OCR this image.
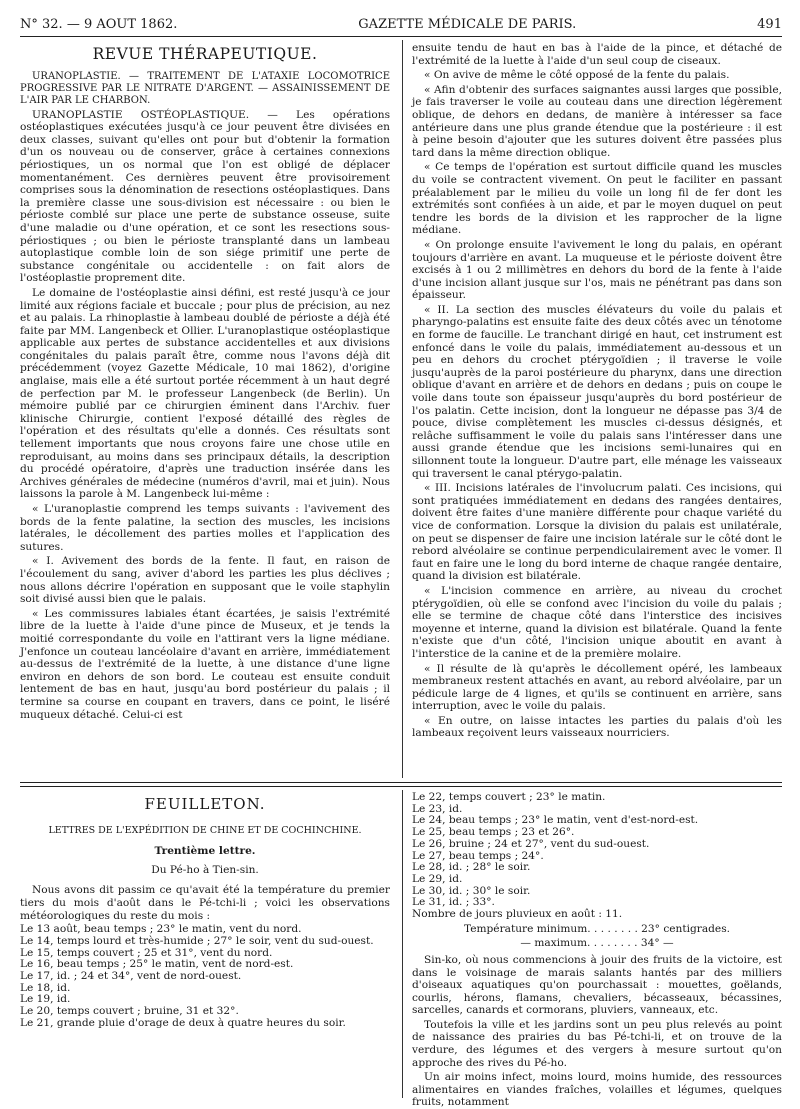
N° 32. — 9 AOUT 1862.	GAZETTE MÉDICALE DE PARIS.	491
REVUE THÉRAPEUTIQUE.

URANOPLASTIE. — TRAITEMENT DE L'ATAXIE LOCOMOTRICE PROGRESSIVE PAR LE NITRATE D'ARGENT. — ASSAINISSEMENT DE L'AIR PAR LE CHARBON.

URANOPLASTIE OSTÉOPLASTIQUE. — Les opérations ostéoplastiques exécutées jusqu'à ce jour peuvent être divisées en deux classes, suivant qu'elles ont pour but d'obtenir la formation d'un os nouveau ou de conserver, grâce à certaines connexions périostiques, un os normal que l'on est obligé de déplacer momentanément. Ces dernières peuvent être provisoirement comprises sous la dénomination de resections ostéoplastiques. Dans la première classe une sous-division est nécessaire : ou bien le périoste comblé sur place une perte de substance osseuse, suite d'une maladie ou d'une opération, et ce sont les resections sous-périostiques ; ou bien le périoste transplanté dans un lambeau autoplastique comble loin de son siége primitif une perte de substance congénitale ou accidentelle : on fait alors de l'ostéoplastie proprement dite.

Le domaine de l'ostéoplastie ainsi défini, est resté jusqu'à ce jour limité aux régions faciale et buccale ; pour plus de précision, au nez et au palais. La rhinoplastie à lambeau doublé de périoste a déjà été faite par MM. Langenbeck et Ollier. L'uranoplastique ostéoplastique applicable aux pertes de substance accidentelles et aux divisions congénitales du palais paraît être, comme nous l'avons déjà dit précédemment (voyez Gazette Médicale, 10 mai 1862), d'origine anglaise, mais elle a été surtout portée récemment à un haut degré de perfection par M. le professeur Langenbeck (de Berlin). Un mémoire publié par ce chirurgien éminent dans l'Archiv. fuer klinische Chirurgie, contient l'exposé détaillé des règles de l'opération et des résultats qu'elle a donnés. Ces résultats sont tellement importants que nous croyons faire une chose utile en reproduisant, au moins dans ses principaux détails, la description du procédé opératoire, d'après une traduction insérée dans les Archives générales de médecine (numéros d'avril, mai et juin). Nous laissons la parole à M. Langenbeck lui-même :

« L'uranoplastie comprend les temps suivants : l'avivement des bords de la fente palatine, la section des muscles, les incisions latérales, le décollement des parties molles et l'application des sutures.

« I. Avivement des bords de la fente. Il faut, en raison de l'écoulement du sang, aviver d'abord les parties les plus déclives ; nous allons décrire l'opération en supposant que le voile staphylin soit divisé aussi bien que le palais.

« Les commissures labiales étant écartées, je saisis l'extrémité libre de la luette à l'aide d'une pince de Museux, et je tends la moitié correspondante du voile en l'attirant vers la ligne médiane. J'enfonce un couteau lancéolaire d'avant en arrière, immédiatement au-dessus de l'extrémité de la luette, à une distance d'une ligne environ en dehors de son bord. Le couteau est ensuite conduit lentement de bas en haut, jusqu'au bord postérieur du palais ; il termine sa course en coupant en travers, dans ce point, le liséré muqueux détaché. Celui-ci est

ensuite tendu de haut en bas à l'aide de la pince, et détaché de l'extrémité de la luette à l'aide d'un seul coup de ciseaux.

« On avive de même le côté opposé de la fente du palais.

« Afin d'obtenir des surfaces saignantes aussi larges que possible, je fais traverser le voile au couteau dans une direction légèrement oblique, de dehors en dedans, de manière à intéresser sa face antérieure dans une plus grande étendue que la postérieure : il est à peine besoin d'ajouter que les sutures doivent être passées plus tard dans la même direction oblique.

« Ce temps de l'opération est surtout difficile quand les muscles du voile se contractent vivement. On peut le faciliter en passant préalablement par le milieu du voile un long fil de fer dont les extrémités sont confiées à un aide, et par le moyen duquel on peut tendre les bords de la division et les rapprocher de la ligne médiane.

« On prolonge ensuite l'avivement le long du palais, en opérant toujours d'arrière en avant. La muqueuse et le périoste doivent être excisés à 1 ou 2 millimètres en dehors du bord de la fente à l'aide d'une incision allant jusque sur l'os, mais ne pénétrant pas dans son épaisseur.

« II. La section des muscles élévateurs du voile du palais et pharyngo-palatins est ensuite faite des deux côtés avec un ténotome en forme de faucille. Le tranchant dirigé en haut, cet instrument est enfoncé dans le voile du palais, immédiatement au-dessous et un peu en dehors du crochet ptérygoïdien ; il traverse le voile jusqu'auprès de la paroi postérieure du pharynx, dans une direction oblique d'avant en arrière et de dehors en dedans ; puis on coupe le voile dans toute son épaisseur jusqu'auprès du bord postérieur de l'os palatin. Cette incision, dont la longueur ne dépasse pas 3/4 de pouce, divise complètement les muscles ci-dessus désignés, et relâche suffisamment le voile du palais sans l'intéresser dans une aussi grande étendue que les incisions semi-lunaires qui en sillonnent toute la longueur. D'autre part, elle ménage les vaisseaux qui traversent le canal ptérygo-palatin.

« III. Incisions latérales de l'involucrum palati. Ces incisions, qui sont pratiquées immédiatement en dedans des rangées dentaires, doivent être faites d'une manière différente pour chaque variété du vice de conformation. Lorsque la division du palais est unilatérale, on peut se dispenser de faire une incision latérale sur le côté dont le rebord alvéolaire se continue perpendiculairement avec le vomer. Il faut en faire une le long du bord interne de chaque rangée dentaire, quand la division est bilatérale.

« L'incision commence en arrière, au niveau du crochet ptérygoïdien, où elle se confond avec l'incision du voile du palais ; elle se termine de chaque côté dans l'interstice des incisives moyenne et interne, quand la division est bilatérale. Quand la fente n'existe que d'un côté, l'incision unique aboutit en avant à l'interstice de la canine et de la première molaire.

« Il résulte de là qu'après le décollement opéré, les lambeaux membraneux restent attachés en avant, au rebord alvéolaire, par un pédicule large de 4 lignes, et qu'ils se continuent en arrière, sans interruption, avec le voile du palais.

« En outre, on laisse intactes les parties du palais d'où les lambeaux reçoivent leurs vaisseaux nourriciers.

FEUILLETON.

LETTRES DE L'EXPÉDITION DE CHINE ET DE COCHINCHINE.

Trentième lettre.

Du Pé-ho à Tien-sin.

Nous avons dit passim ce qu'avait été la température du premier tiers du mois d'août dans le Pé-tchi-li ; voici les observations météorologiques du reste du mois :

Le 13 août, beau temps ; 23° le matin, vent du nord.
Le 14, temps lourd et très-humide ; 27° le soir, vent du sud-ouest.
Le 15, temps couvert ; 25 et 31°, vent du nord.
Le 16, beau temps ; 25° le matin, vent de nord-est.
Le 17, id. ; 24 et 34°, vent de nord-ouest.
Le 18, id.
Le 19, id.
Le 20, temps couvert ; bruine, 31 et 32°.
Le 21, grande pluie d'orage de deux à quatre heures du soir.
Le 22, temps couvert ; 23° le matin.
Le 23, id.
Le 24, beau temps ; 23° le matin, vent d'est-nord-est.
Le 25, beau temps ; 23 et 26°.
Le 26, bruine ; 24 et 27°, vent du sud-ouest.
Le 27, beau temps ; 24°.
Le 28, id. ; 28° le soir.
Le 29, id.
Le 30, id. ; 30° le soir.
Le 31, id. ; 33°.
Nombre de jours pluvieux en août : 11.

Température minimum. . . . . . . . 23° centigrades.

— maximum. . . . . . . . 34° —

Sin-ko, où nous commencions à jouir des fruits de la victoire, est dans le voisinage de marais salants hantés par des milliers d'oiseaux aquatiques qu'on pourchassait : mouettes, goëlands, courlis, hérons, flamans, chevaliers, bécasseaux, bécassines, sarcelles, canards et cormorans, pluviers, vanneaux, etc.

Toutefois la ville et les jardins sont un peu plus relevés au point de naissance des prairies du bas Pé-tchi-li, et on trouve de la verdure, des légumes et des vergers à mesure surtout qu'on approche des rives du Pé-ho.

Un air moins infect, moins lourd, moins humide, des ressources alimentaires en viandes fraîches, volailles et légumes, quelques fruits, notamment
